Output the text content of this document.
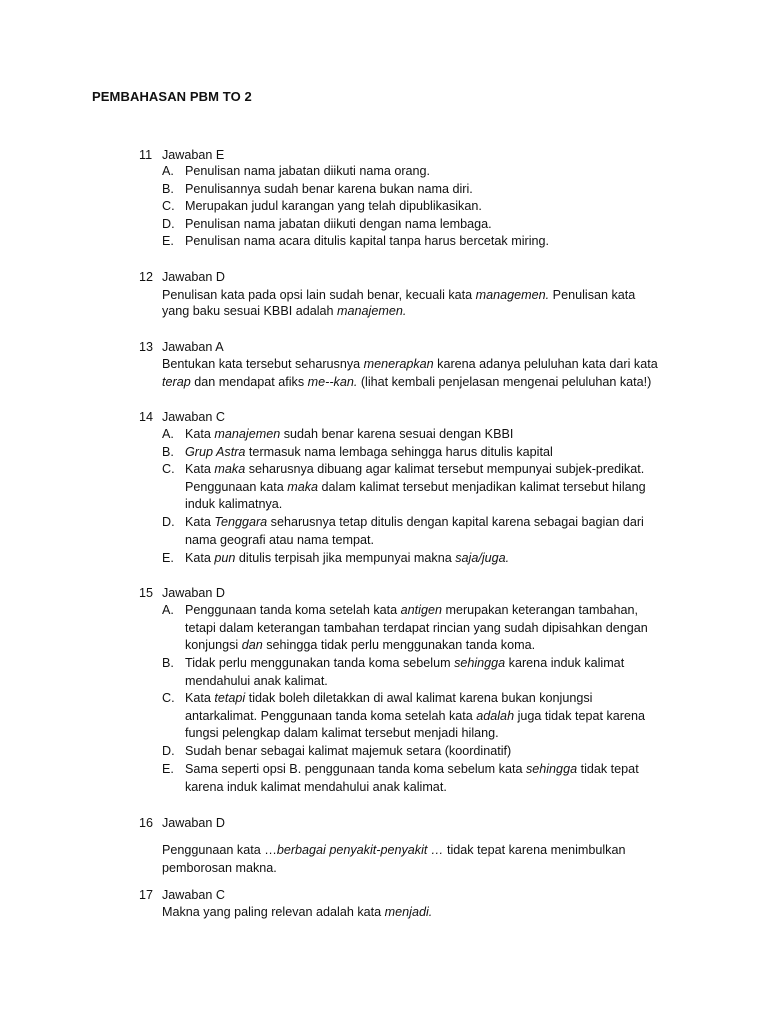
PEMBAHASAN PBM TO 2
11 Jawaban E
A. Penulisan nama jabatan diikuti nama orang.
B. Penulisannya sudah benar karena bukan nama diri.
C. Merupakan judul karangan yang telah dipublikasikan.
D. Penulisan nama jabatan diikuti dengan nama lembaga.
E. Penulisan nama acara ditulis kapital tanpa harus bercetak miring.
12 Jawaban D
Penulisan kata pada opsi lain sudah benar, kecuali kata managemen. Penulisan kata
yang baku sesuai KBBI adalah manajemen.
13 Jawaban A
Bentukan kata tersebut seharusnya menerapkan karena adanya peluluhan kata dari kata
terap dan mendapat afiks me--kan. (lihat kembali penjelasan mengenai peluluhan kata!)
14 Jawaban C
A. Kata manajemen sudah benar karena sesuai dengan KBBI
B. Grup Astra termasuk nama lembaga sehingga harus ditulis kapital
C. Kata maka seharusnya dibuang agar kalimat tersebut mempunyai subjek-predikat.
Penggunaan kata maka dalam kalimat tersebut menjadikan kalimat tersebut hilang
induk kalimatnya.
D. Kata Tenggara seharusnya tetap ditulis dengan kapital karena sebagai bagian dari
nama geografi atau nama tempat.
E. Kata pun ditulis terpisah jika mempunyai makna saja/juga.
15 Jawaban D
A. Penggunaan tanda koma setelah kata antigen merupakan keterangan tambahan,
tetapi dalam keterangan tambahan terdapat rincian yang sudah dipisahkan dengan
konjungsi dan sehingga tidak perlu menggunakan tanda koma.
B. Tidak perlu menggunakan tanda koma sebelum sehingga karena induk kalimat
mendahului anak kalimat.
C. Kata tetapi tidak boleh diletakkan di awal kalimat karena bukan konjungsi
antarkalimat. Penggunaan tanda koma setelah kata adalah juga tidak tepat karena
fungsi pelengkap dalam kalimat tersebut menjadi hilang.
D. Sudah benar sebagai kalimat majemuk setara (koordinatif)
E. Sama seperti opsi B. penggunaan tanda koma sebelum kata sehingga tidak tepat
karena induk kalimat mendahului anak kalimat.
16 Jawaban D
Penggunaan kata …berbagai penyakit-penyakit … tidak tepat karena menimbulkan
pemborosan makna.
17 Jawaban C
Makna yang paling relevan adalah kata menjadi.
